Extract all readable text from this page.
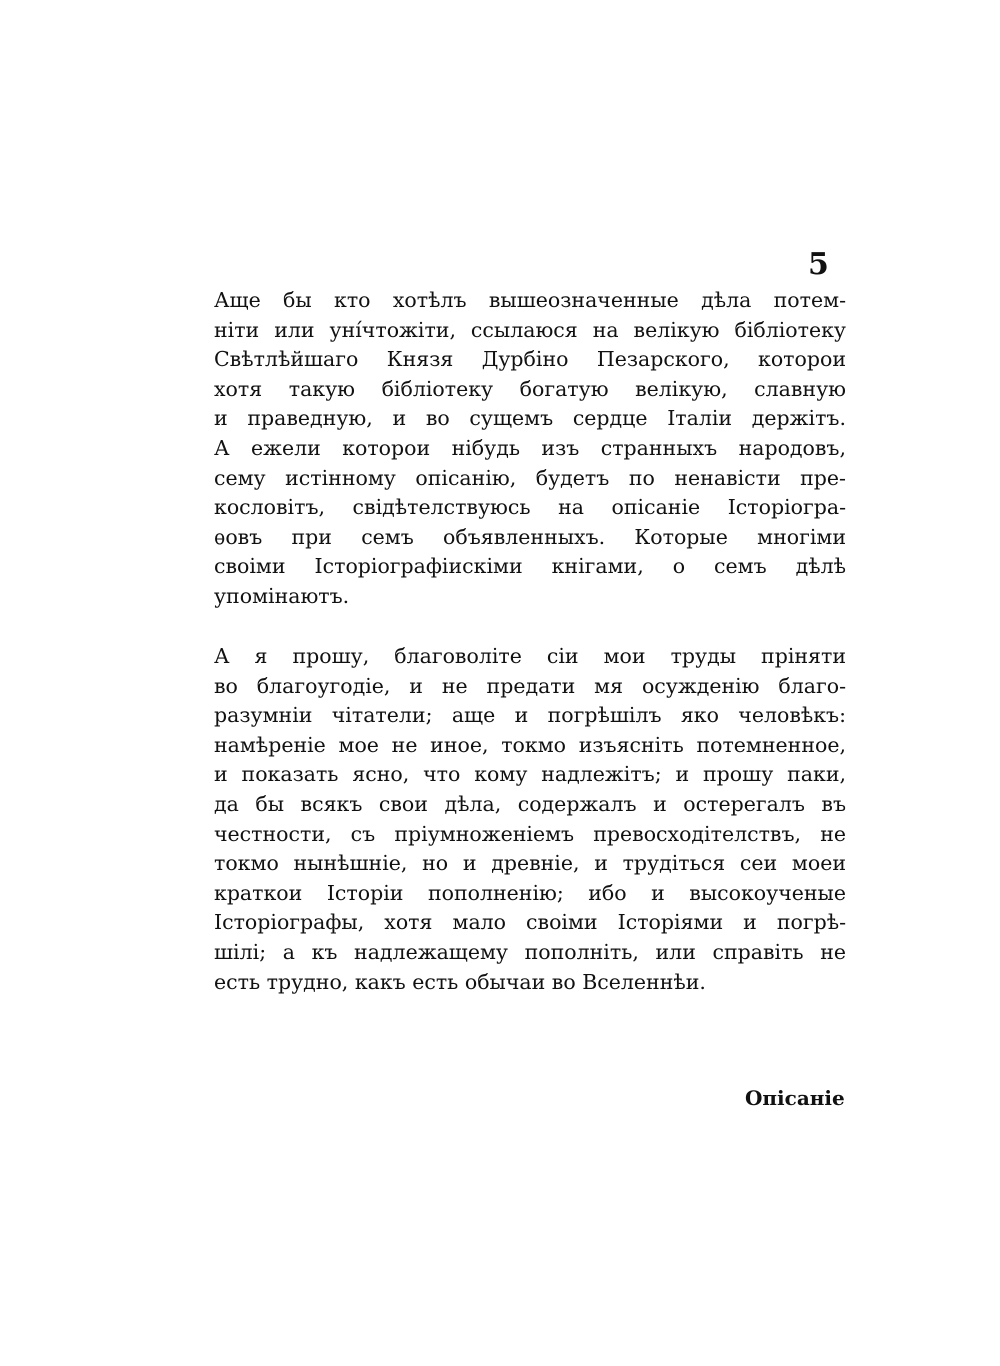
5
Аще бы кто хотѣлъ вышеозначенные дѣла потем-
ніти или уні́чтожіти, ссылаюся на велікую бібліотеку
Свѣтлѣйшаго Князя Дурбіно Пезарского, которои
хотя такую бібліотеку богатую велікую, славную
и праведную, и во сущемъ сердце Італіи держітъ.
А ежели которои нібудь изъ странныхъ народовъ,
сему истінному опісанію, будетъ по ненавісти пре-
кословітъ, свідѣтелствуюсь на опісаніе Історіогра-
ѳовъ при семъ объявленныхъ. Которые многіми
своіми Історіографіискіми кнігами, о семъ дѣлѣ
упомінаютъ.
А я прошу, благоволіте сіи мои труды пріняти
во благоугодіе, и не предати мя осужденію благо-
разумніи чітатели; аще и погрѣшілъ яко человѣкъ:
намѣреніе мое не иное, токмо изъясніть потемненное,
и показать ясно, что кому надлежітъ; и прошу паки,
да бы всякъ свои дѣла, содержалъ и остерегалъ въ
честности, съ пріумноженіемъ превосходітелствъ, не
токмо нынѣшніе, но и древніе, и трудіться сеи моеи
краткои Історіи пополненію; ибо и высокоученые
Історіографы, хотя мало своіми Історіями и погрѣ-
шілі; а къ надлежащему пополніть, или справіть не
есть трудно, какъ есть обычаи во Вселеннѣи.
Опісаніе
